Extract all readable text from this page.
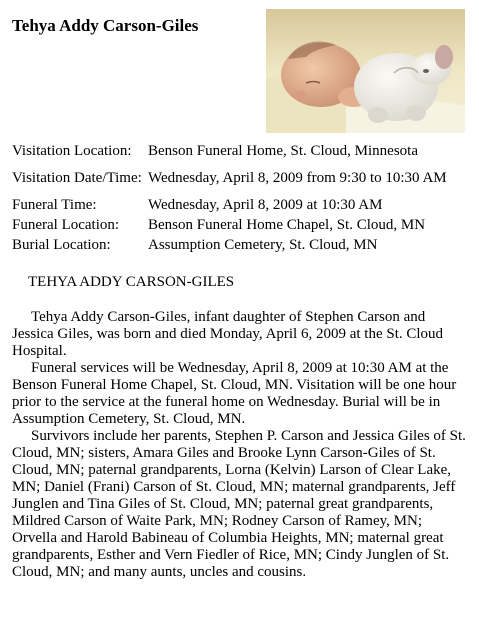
Tehya Addy Carson-Giles
Visitation Location:	Benson Funeral Home, St. Cloud, Minnesota
Visitation Date/Time:	Wednesday, April 8, 2009 from 9:30 to 10:30 AM
Funeral Time:	Wednesday, April 8, 2009 at 10:30 AM
Funeral Location:	Benson Funeral Home Chapel, St. Cloud, MN
Burial Location:	Assumption Cemetery, St. Cloud, MN
TEHYA ADDY CARSON-GILES

Tehya Addy Carson-Giles, infant daughter of Stephen Carson and Jessica Giles, was born and died Monday, April 6, 2009 at the St. Cloud Hospital.

Funeral services will be Wednesday, April 8, 2009 at 10:30 AM at the Benson Funeral Home Chapel, St. Cloud, MN. Visitation will be one hour prior to the service at the funeral home on Wednesday. Burial will be in Assumption Cemetery, St. Cloud, MN.

Survivors include her parents, Stephen P. Carson and Jessica Giles of St. Cloud, MN; sisters, Amara Giles and Brooke Lynn Carson-Giles of St. Cloud, MN; paternal grandparents, Lorna (Kelvin) Larson of Clear Lake, MN; Daniel (Frani) Carson of St. Cloud, MN; maternal grandparents, Jeff Junglen and Tina Giles of St. Cloud, MN; paternal great grandparents, Mildred Carson of Waite Park, MN; Rodney Carson of Ramey, MN; Orvella and Harold Babineau of Columbia Heights, MN; maternal great grandparents, Esther and Vern Fiedler of Rice, MN; Cindy Junglen of St. Cloud, MN; and many aunts, uncles and cousins.
